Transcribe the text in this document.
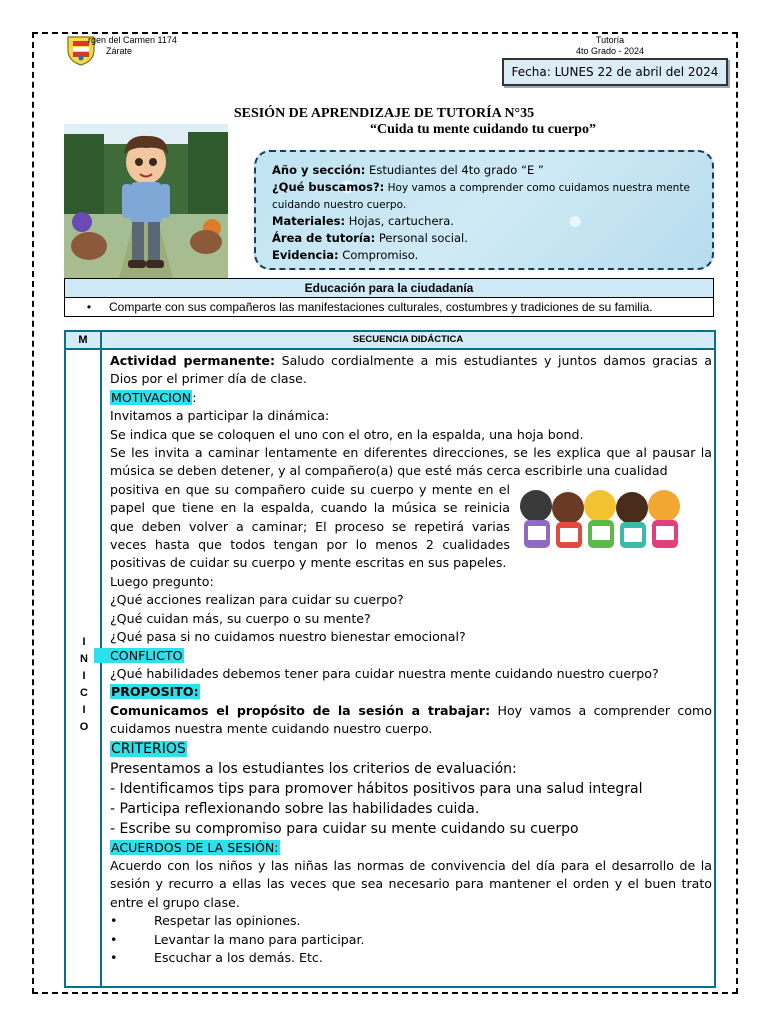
rgen del Carmen 1174
Zárate
Tutoría
4to Grado - 2024
Fecha: LUNES 22 de abril del 2024
SESIÓN DE APRENDIZAJE DE TUTORÍA N°35
“Cuida tu mente cuidando tu cuerpo”
Año y sección: Estudiantes del 4to grado “E ”
¿Qué buscamos?: Hoy vamos a comprender como cuidamos nuestra mente cuidando nuestro cuerpo.
Materiales: Hojas, cartuchera.
Área de tutoría: Personal social.
Evidencia: Compromiso.
Educación para la ciudadanía
• Comparte con sus compañeros las manifestaciones culturales, costumbres y tradiciones de su familia.
M	SECUENCIA DIDÁCTICA
I
N
I
C
I
O

Actividad permanente: Saludo cordialmente a mis estudiantes y juntos damos gracias a Dios por el primer día de clase.

MOTIVACION:

Invitamos a participar la dinámica:

Se indica que se coloquen el uno con el otro, en la espalda, una hoja bond.

Se les invita a caminar lentamente en diferentes direcciones, se les explica que al pausar la música se deben detener, y al compañero(a) que esté más cerca escribirle una cualidad

positiva en que su compañero cuide su cuerpo y mente en el papel que tiene en la espalda, cuando la música se reinicia que deben volver a caminar; El proceso se repetirá varias veces hasta que todos tengan por lo menos 2 cualidades positivas de cuidar su cuerpo y mente escritas en sus papeles.

Luego pregunto:

¿Qué acciones realizan para cuidar su cuerpo?

¿Qué cuidan más, su cuerpo o su mente?

¿Qué pasa si no cuidamos nuestro bienestar emocional?

CONFLICTO

¿Qué habilidades debemos tener para cuidar nuestra mente cuidando nuestro cuerpo?

PROPOSITO:

Comunicamos el propósito de la sesión a trabajar: Hoy vamos a comprender como cuidamos nuestra mente cuidando nuestro cuerpo.

CRITERIOS

Presentamos a los estudiantes los criterios de evaluación:

- Identificamos tips para promover hábitos positivos para una salud integral

- Participa reflexionando sobre las habilidades cuida.

- Escribe su compromiso para cuidar su mente cuidando su cuerpo

ACUERDOS DE LA SESIÓN:

Acuerdo con los niños y las niñas las normas de convivencia del día para el desarrollo de la sesión y recurro a ellas las veces que sea necesario para mantener el orden y el buen trato entre el grupo clase.

•	Respetar las opiniones.
•	Levantar la mano para participar.
•	Escuchar a los demás. Etc.
